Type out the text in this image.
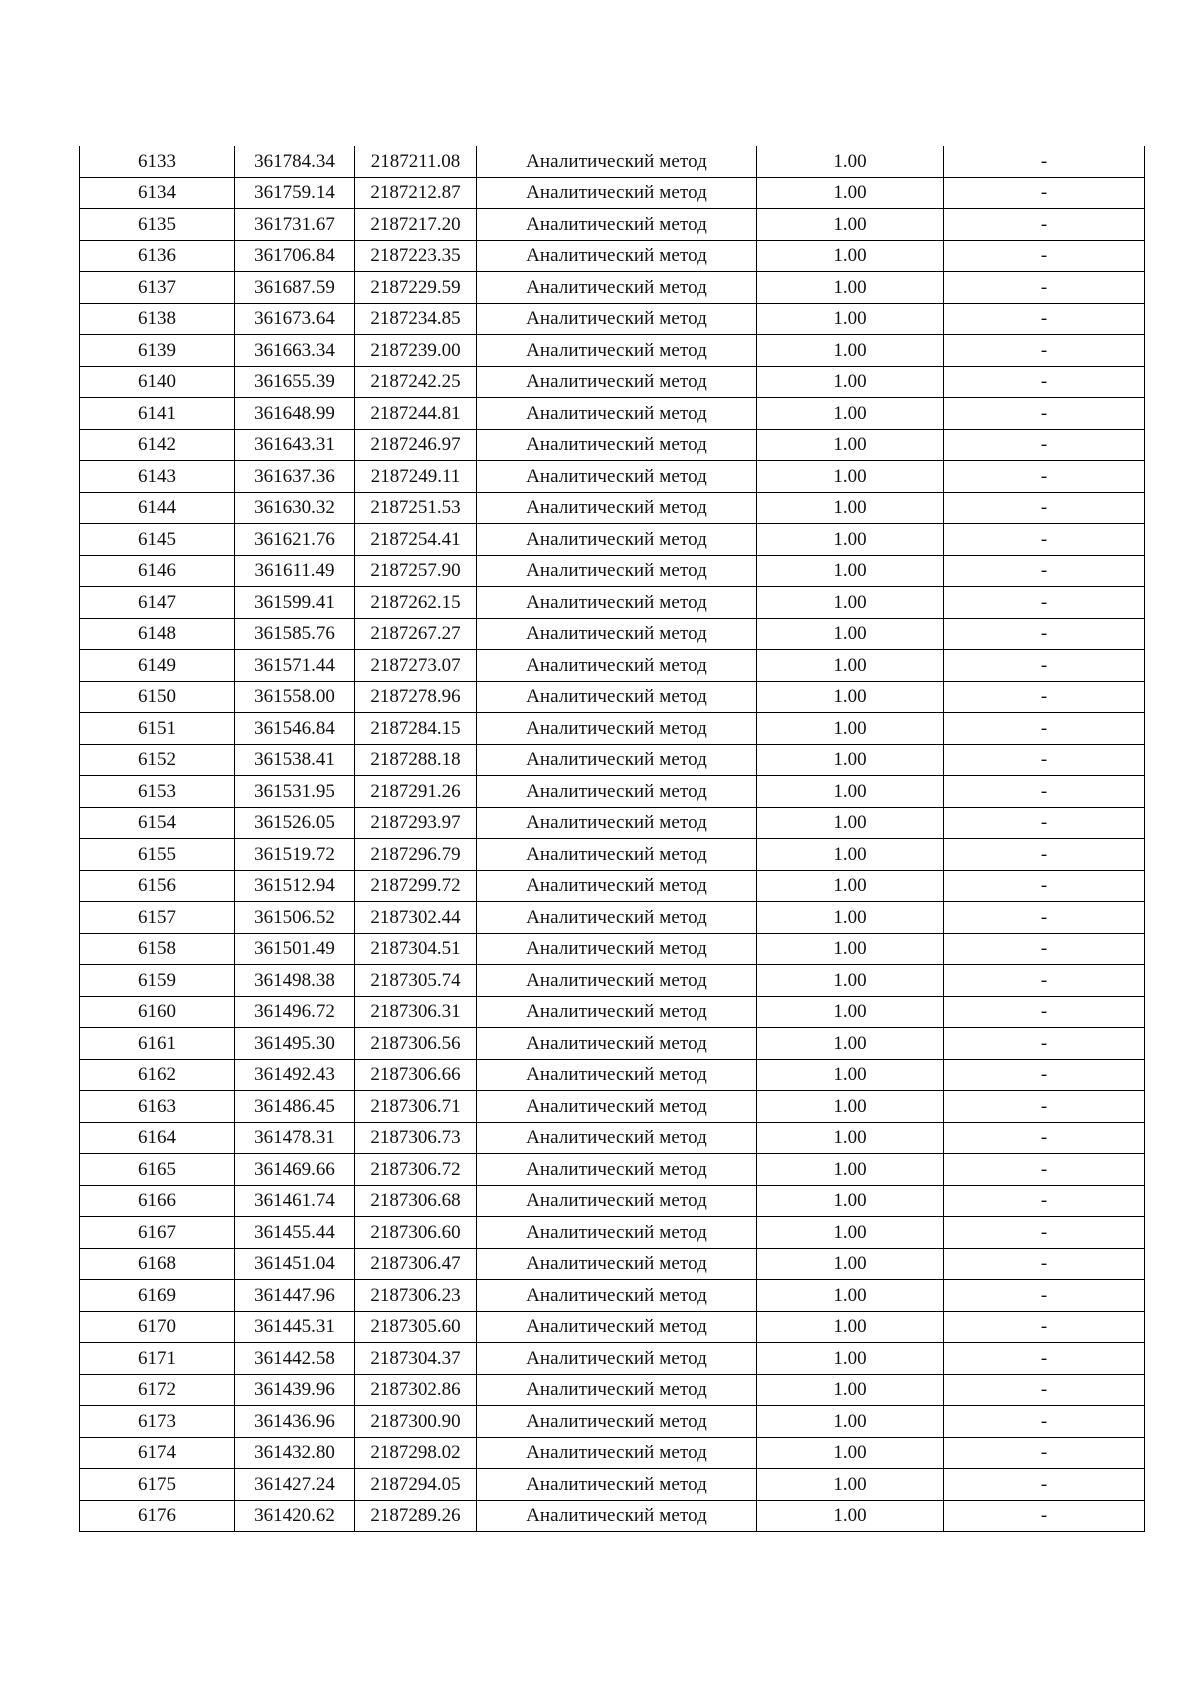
6133	361784.34	2187211.08	Аналитический метод	1.00	-
6134	361759.14	2187212.87	Аналитический метод	1.00	-
6135	361731.67	2187217.20	Аналитический метод	1.00	-
6136	361706.84	2187223.35	Аналитический метод	1.00	-
6137	361687.59	2187229.59	Аналитический метод	1.00	-
6138	361673.64	2187234.85	Аналитический метод	1.00	-
6139	361663.34	2187239.00	Аналитический метод	1.00	-
6140	361655.39	2187242.25	Аналитический метод	1.00	-
6141	361648.99	2187244.81	Аналитический метод	1.00	-
6142	361643.31	2187246.97	Аналитический метод	1.00	-
6143	361637.36	2187249.11	Аналитический метод	1.00	-
6144	361630.32	2187251.53	Аналитический метод	1.00	-
6145	361621.76	2187254.41	Аналитический метод	1.00	-
6146	361611.49	2187257.90	Аналитический метод	1.00	-
6147	361599.41	2187262.15	Аналитический метод	1.00	-
6148	361585.76	2187267.27	Аналитический метод	1.00	-
6149	361571.44	2187273.07	Аналитический метод	1.00	-
6150	361558.00	2187278.96	Аналитический метод	1.00	-
6151	361546.84	2187284.15	Аналитический метод	1.00	-
6152	361538.41	2187288.18	Аналитический метод	1.00	-
6153	361531.95	2187291.26	Аналитический метод	1.00	-
6154	361526.05	2187293.97	Аналитический метод	1.00	-
6155	361519.72	2187296.79	Аналитический метод	1.00	-
6156	361512.94	2187299.72	Аналитический метод	1.00	-
6157	361506.52	2187302.44	Аналитический метод	1.00	-
6158	361501.49	2187304.51	Аналитический метод	1.00	-
6159	361498.38	2187305.74	Аналитический метод	1.00	-
6160	361496.72	2187306.31	Аналитический метод	1.00	-
6161	361495.30	2187306.56	Аналитический метод	1.00	-
6162	361492.43	2187306.66	Аналитический метод	1.00	-
6163	361486.45	2187306.71	Аналитический метод	1.00	-
6164	361478.31	2187306.73	Аналитический метод	1.00	-
6165	361469.66	2187306.72	Аналитический метод	1.00	-
6166	361461.74	2187306.68	Аналитический метод	1.00	-
6167	361455.44	2187306.60	Аналитический метод	1.00	-
6168	361451.04	2187306.47	Аналитический метод	1.00	-
6169	361447.96	2187306.23	Аналитический метод	1.00	-
6170	361445.31	2187305.60	Аналитический метод	1.00	-
6171	361442.58	2187304.37	Аналитический метод	1.00	-
6172	361439.96	2187302.86	Аналитический метод	1.00	-
6173	361436.96	2187300.90	Аналитический метод	1.00	-
6174	361432.80	2187298.02	Аналитический метод	1.00	-
6175	361427.24	2187294.05	Аналитический метод	1.00	-
6176	361420.62	2187289.26	Аналитический метод	1.00	-
